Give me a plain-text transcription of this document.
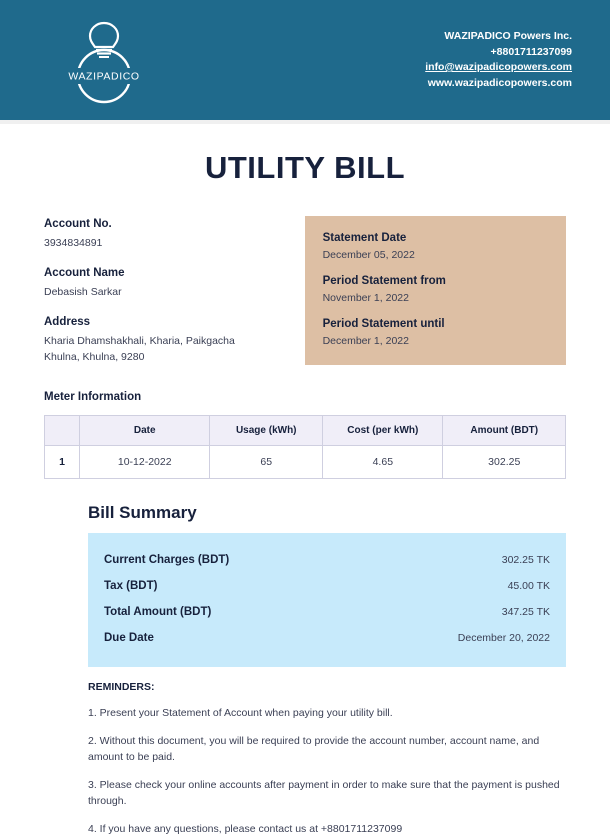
WAZIPADICO
WAZIPADICO Powers Inc.
+8801711237099
info@wazipadicopowers.com
www.wazipadicopowers.com
UTILITY BILL
Account No.
3934834891
Account Name
Debasish Sarkar
Address
Kharia Dhamshakhali, Kharia, Paikgacha
Khulna, Khulna, 9280
Statement Date
December 05, 2022
Period Statement from
November 1, 2022
Period Statement until
December 1, 2022
Meter Information
	Date	Usage (kWh)	Cost (per kWh)	Amount (BDT)
1	10-12-2022	65	4.65	302.25
Bill Summary
Current Charges (BDT)	302.25 TK
Tax (BDT)	45.00 TK
Total Amount (BDT)	347.25 TK
Due Date	December 20, 2022
REMINDERS:
1. Present your Statement of Account when paying your utility bill.
2. Without this document, you will be required to provide the account number, account name, and amount to be paid.
3. Please check your online accounts after payment in order to make sure that the payment is pushed through.
4. If you have any questions, please contact us at +8801711237099
